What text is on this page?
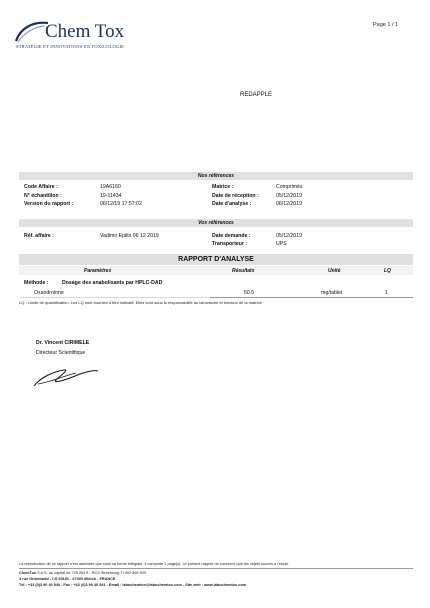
Chem Tox
STRATÉGIE ET INNOVATIONS EN TOXICOLOGIE
Page 1 / 1
REDAPPLE
Nos références
Code Affaire :	19A6160
N° échantillon :	19-11434
Version du rapport :	06/12/19 17:57:02
Matrice :	Comprimés
Date de réception :	05/12/2019
Date d'analyse :	06/12/2019
Vos références
Réf. affaire :	Vadimo Eplits 06 12 2019	Date demande :	05/12/2019
Transporteur :	UPS
RAPPORT D'ANALYSE
Paramètres	Résultats	Unité	LQ
Méthode :	Dosage des anabolisants par HPLC-DAD
Oxandrolone	50.5	mg/tablet	1
LQ : Limite de quantification. Les LQ sont fournies à titre indicatif. Elles sont sous la responsabilité du laboratoire et fonction de la matrice.
Dr. Vincent CIRIMELE
Directeur Scientifique
La reproduction de ce rapport n'est autorisée que sous sa forme intégrale. Il comporte 1 page(s). Le présent rapport ne concerne que les objets soumis à l'essai.
ChemTox S.A.S. au capital de 725 263 € - RCS Strasbourg TI 492 869 909
3 rue Grünewald - CS 60181 - 67400 Illkirch - FRANCE
Tél : +33 (0)3 90 40 940 - Fax : +33 (0)3 90 40 941 - Email : labochemtox@labochemtox.com - Site web : www.labochemtox.com
